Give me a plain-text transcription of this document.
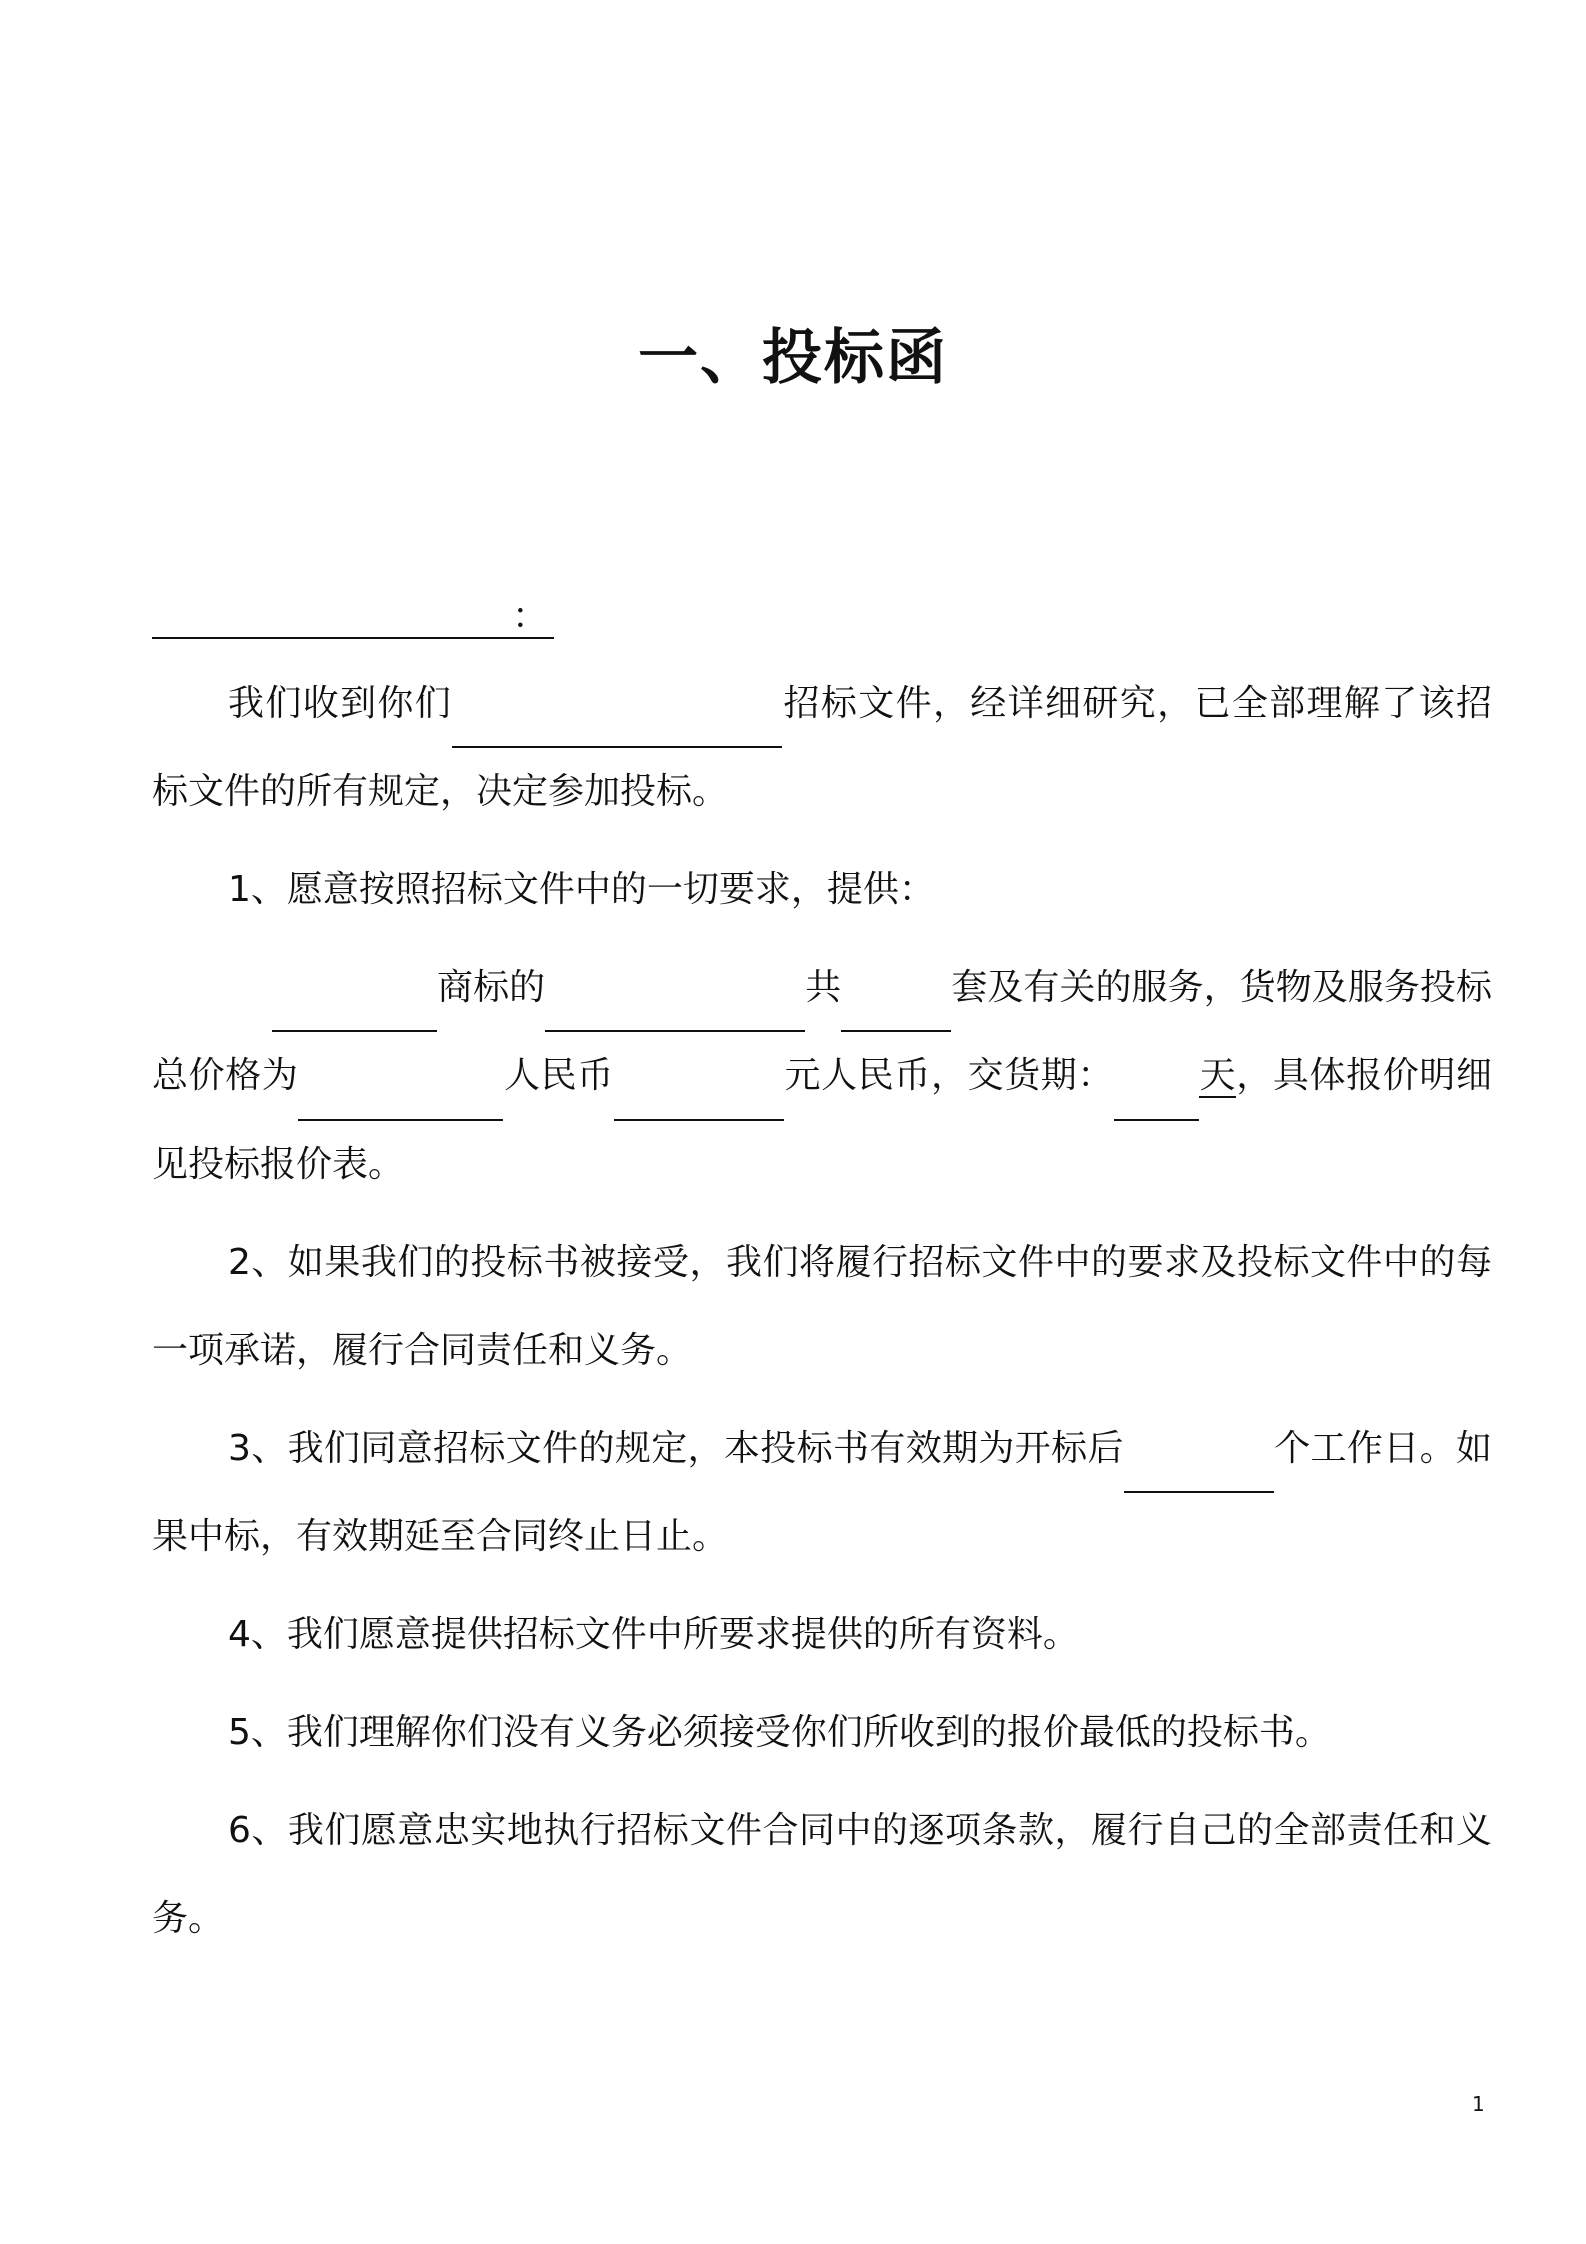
一、投标函
：

我们收到你们	招标文件，经详细研究，已全部理解了该招标文件的所有规定，决定参加投标。

1、愿意按照招标文件中的一切要求，提供：

商标的	共	套及有关的服务，货物及服务投标总价格为	人民币	元人民币，交货期： 天，具体报价明细见投标报价表。

2、如果我们的投标书被接受，我们将履行招标文件中的要求及投标文件中的每一项承诺，履行合同责任和义务。

3、我们同意招标文件的规定，本投标书有效期为开标后	个工作日。如果中标，有效期延至合同终止日止。

4、我们愿意提供招标文件中所要求提供的所有资料。

5、我们理解你们没有义务必须接受你们所收到的报价最低的投标书。

6、我们愿意忠实地执行招标文件合同中的逐项条款，履行自己的全部责任和义务。

1
